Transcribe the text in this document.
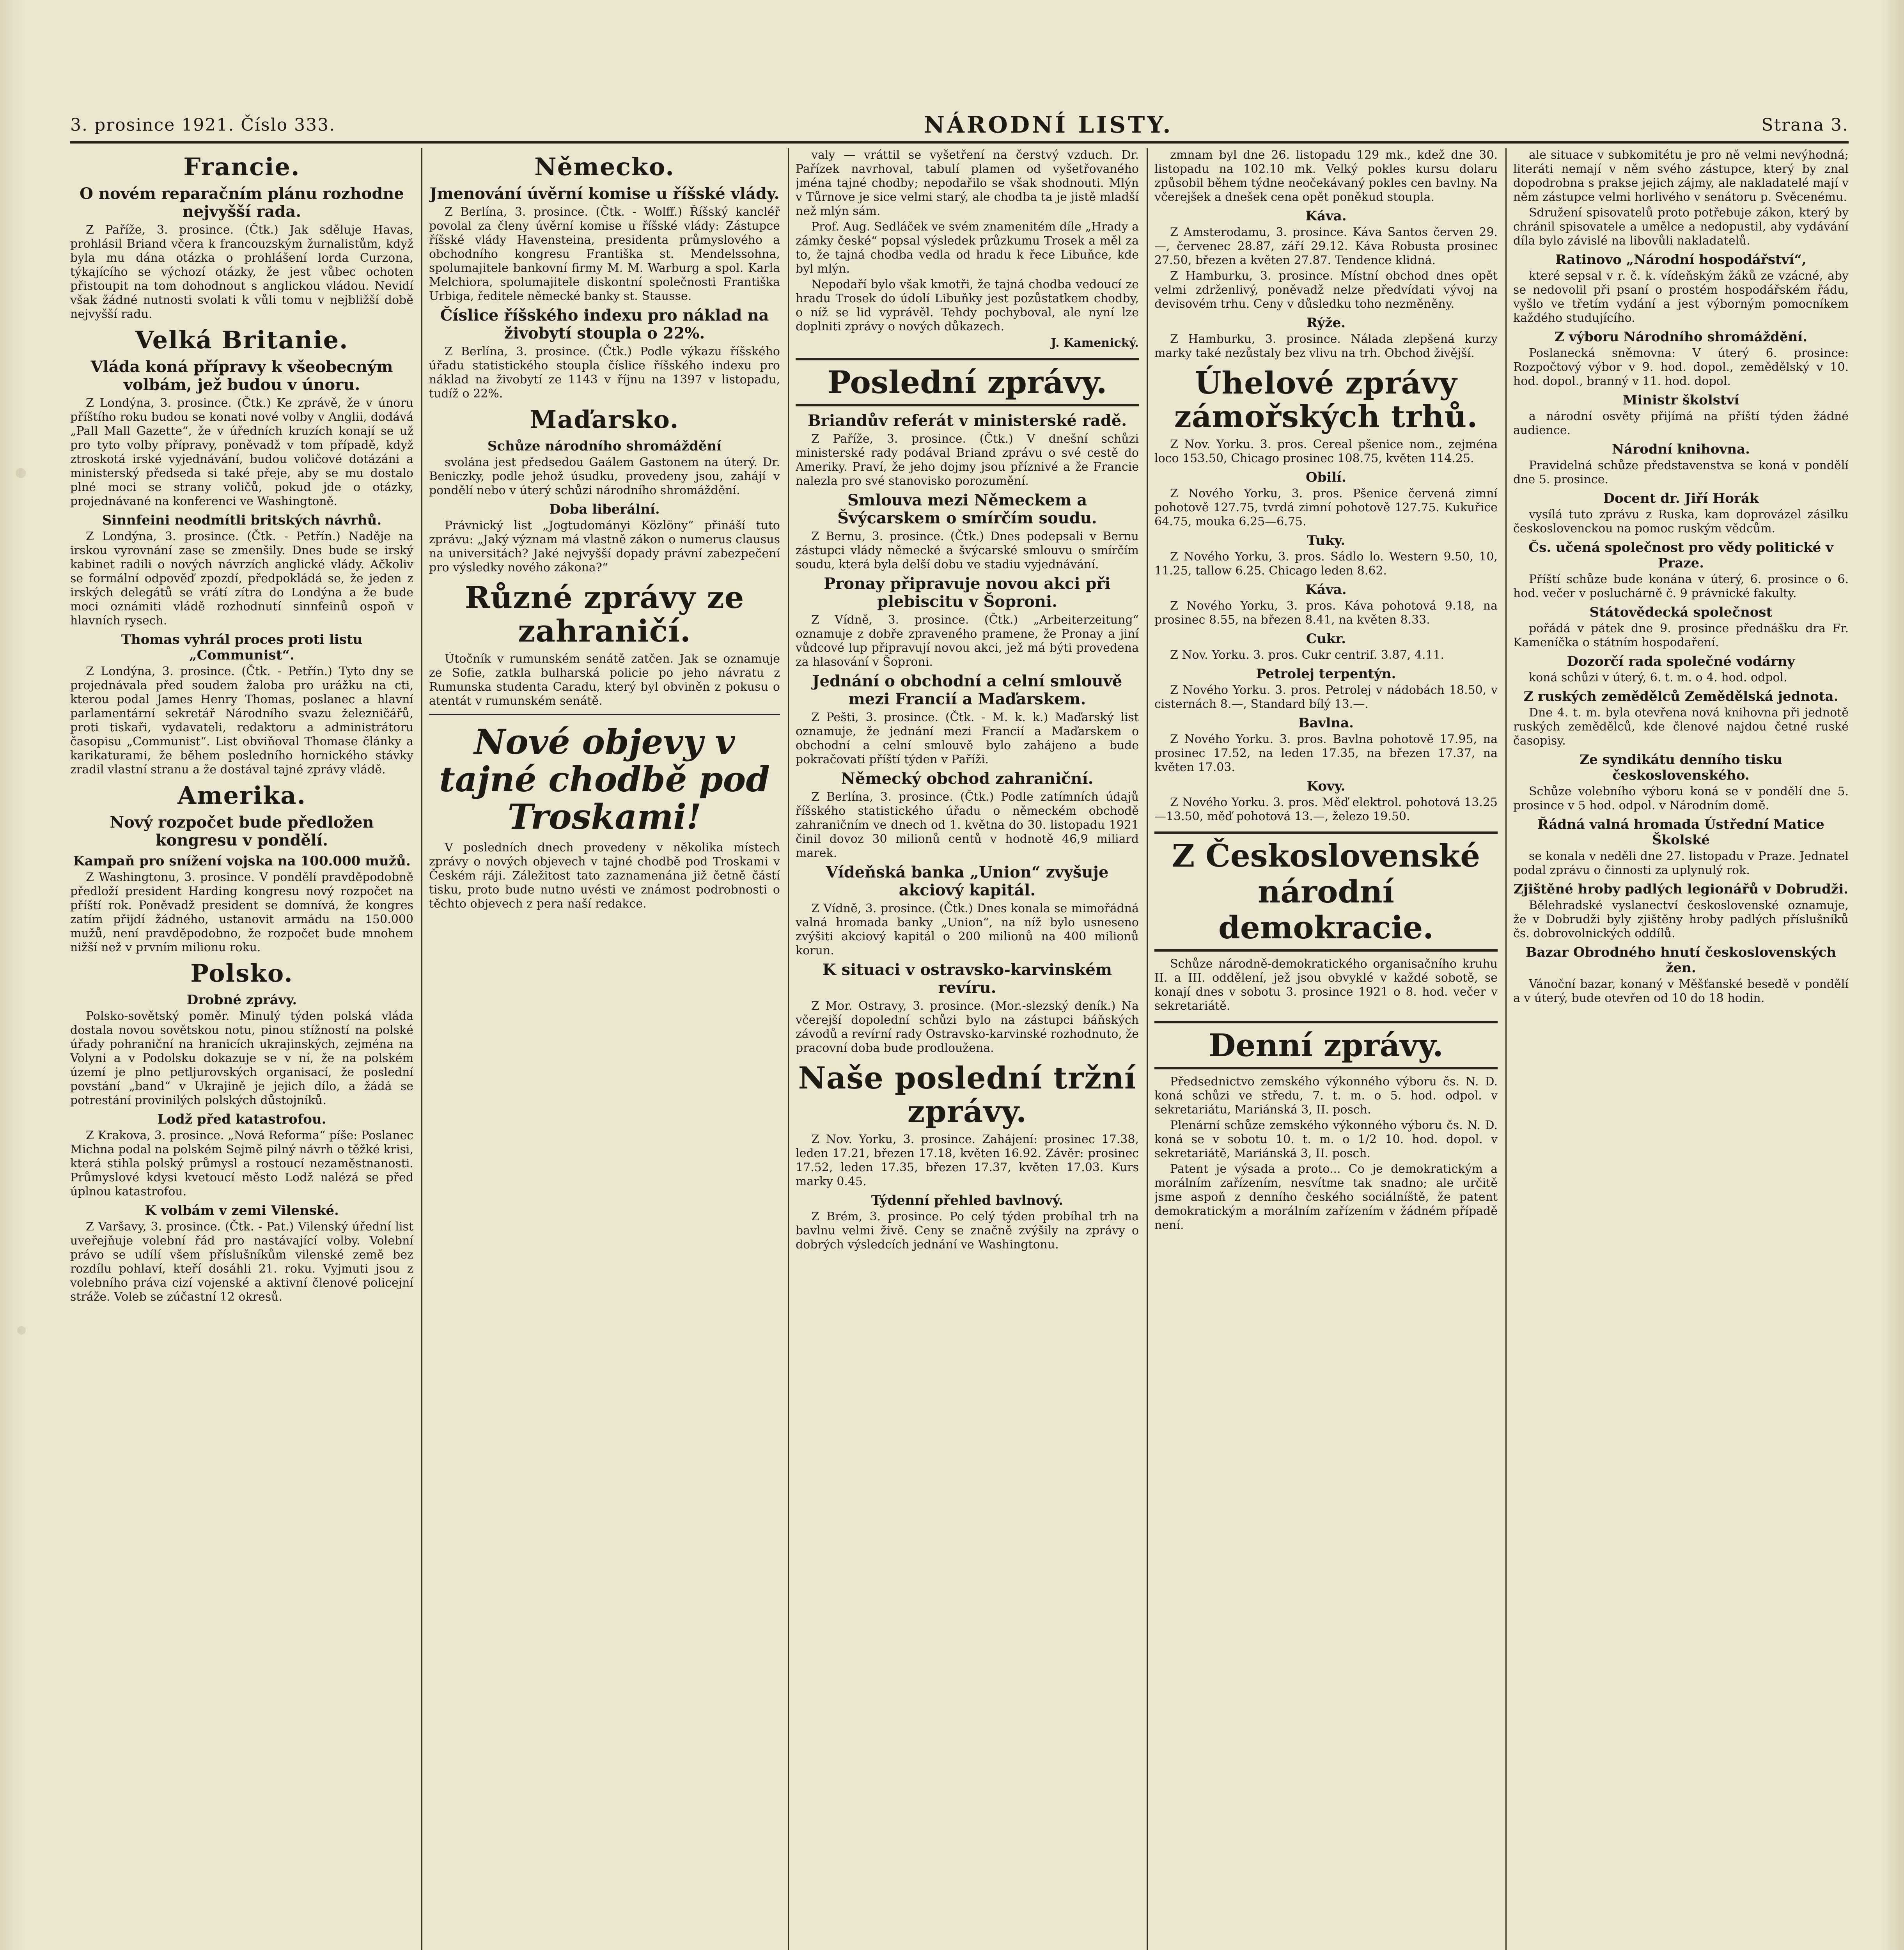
3. prosince 1921. Číslo 333.	NÁRODNÍ LISTY.	Strana 3.
Francie.
O novém reparačním plánu rozhodne nejvyšší rada.

Z Paříže, 3. prosince. (Čtk.) Jak sděluje Havas, prohlásil Briand včera k francouzským žurnalistům, když byla mu dána otázka o prohlášení lorda Curzona, týkajícího se výchozí otázky, že jest vůbec ochoten přistoupit na tom dohodnout s anglickou vládou. Nevidí však žádné nutnosti svolati k vůli tomu v nejbližší době nejvyšší radu.

Velká Britanie.
Vláda koná přípravy k všeobecným volbám, jež budou v únoru.

Z Londýna, 3. prosince. (Čtk.) Ke zprávě, že v únoru příštího roku budou se konati nové volby v Anglii, dodává „Pall Mall Gazette“, že v úředních kruzích konají se už pro tyto volby přípravy, poněvadž v tom případě, když ztroskotá irské vyjednávání, budou voličové dotázáni a ministerský předseda si také přeje, aby se mu dostalo plné moci se strany voličů, pokud jde o otázky, projednávané na konferenci ve Washingtoně.

Sinnfeini neodmítli britských návrhů.

Z Londýna, 3. prosince. (Čtk. - Petřín.) Naděje na irskou vyrovnání zase se zmenšily. Dnes bude se irský kabinet radili o nových návrzích anglické vlády. Ačkoliv se formální odpověď zpozdí, předpokládá se, že jeden z irských delegátů se vrátí zítra do Londýna a že bude moci oznámiti vládě rozhodnutí sinnfeinů ospoň v hlavních rysech.

Thomas vyhrál proces proti listu „Communist“.

Z Londýna, 3. prosince. (Čtk. - Petřín.) Tyto dny se projednávala před soudem žaloba pro urážku na cti, kterou podal James Henry Thomas, poslanec a hlavní parlamentární sekretář Národního svazu železničářů, proti tiskaři, vydavateli, redaktoru a administrátoru časopisu „Communist“. List obviňoval Thomase články a karikaturami, že během posledního hornického stávky zradil vlastní stranu a že dostával tajné zprávy vládě.

Amerika.
Nový rozpočet bude předložen kongresu v pondělí.
Kampaň pro snížení vojska na 100.000 mužů.

Z Washingtonu, 3. prosince. V pondělí pravděpodobně předloží president Harding kongresu nový rozpočet na příští rok. Poněvadž president se domnívá, že kongres zatím přijdí žádného, ustanovit armádu na 150.000 mužů, není pravděpodobno, že rozpočet bude mnohem nižší než v prvním milionu roku.

Polsko.
Drobné zprávy.

Polsko-sovětský poměr. Minulý týden polská vláda dostala novou sovětskou notu, pinou stížností na polské úřady pohraniční na hranicích ukrajinských, zejména na Volyni a v Podolsku dokazuje se v ní, že na polském území je plno petljurovských organisací, že poslední povstání „band“ v Ukrajině je jejich dílo, a žádá se potrestání provinilých polských důstojníků.

Lodž před katastrofou.

Z Krakova, 3. prosince. „Nová Reforma“ píše: Poslanec Michna podal na polském Sejmě pilný návrh o těžké krisi, která stihla polský průmysl a rostoucí nezaměstnanosti. Průmyslové kdysi kvetoucí město Lodž nalézá se před úplnou katastrofou.

K volbám v zemi Vilenské.

Z Varšavy, 3. prosince. (Čtk. - Pat.) Vilenský úřední list uveřejňuje volební řád pro nastávající volby. Volební právo se udílí všem příslušníkům vilenské země bez rozdílu pohlaví, kteří dosáhli 21. roku. Vyjmuti jsou z volebního práva cizí vojenské a aktivní členové policejní stráže. Voleb se zúčastní 12 okresů.

Německo.
Jmenování úvěrní komise u říšské vlády.

Z Berlína, 3. prosince. (Čtk. - Wolff.) Říšský kancléř povolal za členy úvěrní komise u říšské vlády: Zástupce říšské vlády Havensteina, presidenta průmyslového a obchodního kongresu Františka st. Mendelssohna, spolumajitele bankovní firmy M. M. Warburg a spol. Karla Melchiora, spolumajitele diskontní společnosti Františka Urbiga, ředitele německé banky st. Stausse.

Číslice říšského indexu pro náklad na živobytí stoupla o 22%.

Z Berlína, 3. prosince. (Čtk.) Podle výkazu říšského úřadu statistického stoupla číslice říšského indexu pro náklad na živobytí ze 1143 v říjnu na 1397 v listopadu, tudíž o 22%.

Maďarsko.
Schůze národního shromáždění

svolána jest předsedou Gaálem Gastonem na úterý. Dr. Beniczky, podle jehož úsudku, provedeny jsou, zahájí v pondělí nebo v úterý schůzi národního shromáždění.

Doba liberální.

Právnický list „Jogtudományi Közlöny“ přináší tuto zprávu: „Jaký význam má vlastně zákon o numerus clausus na universitách? Jaké nejvyšší dopady právní zabezpečení pro výsledky nového zákona?“

Různé zprávy ze zahraničí.

Útočník v rumunském senátě zatčen. Jak se oznamuje ze Sofie, zatkla bulharská policie po jeho návratu z Rumunska studenta Caradu, který byl obviněn z pokusu o atentát v rumunském senátě.

Nové objevy v tajné chodbě pod Troskami!

V posledních dnech provedeny v několika místech zprávy o nových objevech v tajné chodbě pod Troskami v Českém ráji. Záležitost tato zaznamenána již četně částí tisku, proto bude nutno uvésti ve známost podrobnosti o těchto objevech z pera naší redakce.

valy — vráttil se vyšetření na čerstvý vzduch. Dr. Pařízek navrhoval, tabulí plamen od vyšetřovaného jména tajné chodby; nepodařilo se však shodnouti. Mlýn v Tůrnove je sice velmi starý, ale chodba ta je jistě mladší než mlýn sám.

Prof. Aug. Sedláček ve svém znamenitém díle „Hrady a zámky české“ popsal výsledek průzkumu Trosek a měl za to, že tajná chodba vedla od hradu k řece Libuňce, kde byl mlýn.

Nepodaří bylo však kmotři, že tajná chodba vedoucí ze hradu Trosek do údolí Libuňky jest pozůstatkem chodby, o níž se lid vyprávěl. Tehdy pochyboval, ale nyní lze doplniti zprávy o nových důkazech.

J. Kamenický.
Poslední zprávy.
Briandův referát v ministerské radě.

Z Paříže, 3. prosince. (Čtk.) V dnešní schůzi ministerské rady podával Briand zprávu o své cestě do Ameriky. Praví, že jeho dojmy jsou příznivé a že Francie nalezla pro své stanovisko porozumění.

Smlouva mezi Německem a Švýcarskem o smírčím soudu.

Z Bernu, 3. prosince. (Čtk.) Dnes podepsali v Bernu zástupci vlády německé a švýcarské smlouvu o smírčím soudu, která byla delší dobu ve stadiu vyjednávání.

Pronay připravuje novou akci při plebiscitu v Šoproni.

Z Vídně, 3. prosince. (Čtk.) „Arbeiterzeitung“ oznamuje z dobře zpraveného pramene, že Pronay a jiní vůdcové lup připravují novou akci, jež má býti provedena za hlasování v Šoproni.

Jednání o obchodní a celní smlouvě mezi Francií a Maďarskem.

Z Pešti, 3. prosince. (Čtk. - M. k. k.) Maďarský list oznamuje, že jednání mezi Francií a Maďarskem o obchodní a celní smlouvě bylo zahájeno a bude pokračovati příští týden v Paříži.

Německý obchod zahraniční.

Z Berlína, 3. prosince. (Čtk.) Podle zatímních údajů říšského statistického úřadu o německém obchodě zahraničním ve dnech od 1. května do 30. listopadu 1921 činil dovoz 30 milionů centů v hodnotě 46,9 miliard marek.

Vídeňská banka „Union“ zvyšuje akciový kapitál.

Z Vídně, 3. prosince. (Čtk.) Dnes konala se mimořádná valná hromada banky „Union“, na níž bylo usneseno zvýšiti akciový kapitál o 200 milionů na 400 milionů korun.

K situaci v ostravsko-karvinském revíru.

Z Mor. Ostravy, 3. prosince. (Mor.-slezský deník.) Na včerejší dopolední schůzi bylo na zástupci báňských závodů a revírní rady Ostravsko-karvinské rozhodnuto, že pracovní doba bude prodloužena.

Naše poslední tržní zprávy.

Z Nov. Yorku, 3. prosince. Zahájení: prosinec 17.38, leden 17.21, březen 17.18, květen 16.92. Závěr: prosinec 17.52, leden 17.35, březen 17.37, květen 17.03. Kurs marky 0.45.

Týdenní přehled bavlnový.

Z Brém, 3. prosince. Po celý týden probíhal trh na bavlnu velmi živě. Ceny se značně zvýšily na zprávy o dobrých výsledcích jednání ve Washingtonu.

zmnam byl dne 26. listopadu 129 mk., kdež dne 30. listopadu na 102.10 mk. Velký pokles kursu dolaru způsobil během týdne neočekávaný pokles cen bavlny. Na včerejšek a dnešek cena opět poněkud stoupla.

Káva.

Z Amsterodamu, 3. prosince. Káva Santos červen 29.—, červenec 28.87, září 29.12. Káva Robusta prosinec 27.50, březen a květen 27.87. Tendence klidná.

Z Hamburku, 3. prosince. Místní obchod dnes opět velmi zdrženlivý, poněvadž nelze předvídati vývoj na devisovém trhu. Ceny v důsledku toho nezměněny.

Rýže.

Z Hamburku, 3. prosince. Nálada zlepšená kurzy marky také nezůstaly bez vlivu na trh. Obchod živější.

Úhelové zprávy zámořských trhů.

Z Nov. Yorku. 3. pros. Cereal pšenice nom., zejména loco 153.50, Chicago prosinec 108.75, květen 114.25.

Obilí.

Z Nového Yorku, 3. pros. Pšenice červená zimní pohotově 127.75, tvrdá zimní pohotově 127.75. Kukuřice 64.75, mouka 6.25—6.75.

Tuky.

Z Nového Yorku, 3. pros. Sádlo lo. Western 9.50, 10, 11.25, tallow 6.25. Chicago leden 8.62.

Káva.

Z Nového Yorku, 3. pros. Káva pohotová 9.18, na prosinec 8.55, na březen 8.41, na květen 8.33.

Cukr.

Z Nov. Yorku. 3. pros. Cukr centrif. 3.87, 4.11.

Petrolej terpentýn.

Z Nového Yorku. 3. pros. Petrolej v nádobách 18.50, v cisternách 8.—, Standard bílý 13.—.

Bavlna.

Z Nového Yorku. 3. pros. Bavlna pohotově 17.95, na prosinec 17.52, na leden 17.35, na březen 17.37, na květen 17.03.

Kovy.

Z Nového Yorku. 3. pros. Měď elektrol. pohotová 13.25—13.50, měď pohotová 13.—, železo 19.50.

Z Československé národní demokracie.

Schůze národně-demokratického organisačního kruhu II. a III. oddělení, jež jsou obvyklé v každé sobotě, se konají dnes v sobotu 3. prosince 1921 o 8. hod. večer v sekretariátě.

Denní zprávy.

Předsednictvo zemského výkonného výboru čs. N. D. koná schůzi ve středu, 7. t. m. o 5. hod. odpol. v sekretariátu, Mariánská 3, II. posch.

Plenární schůze zemského výkonného výboru čs. N. D. koná se v sobotu 10. t. m. o 1/2 10. hod. dopol. v sekretariátě, Mariánská 3, II. posch.

Patent je výsada a proto... Co je demokratickým a morálním zařízením, nesvítme tak snadno; ale určitě jsme aspoň z denního českého sociálníště, že patent demokratickým a morálním zařízením v žádném případě není.

ale situace v subkomitétu je pro ně velmi nevýhodná; literáti nemají v něm svého zástupce, který by znal dopodrobna s prakse jejich zájmy, ale nakladatelé mají v něm zástupce velmi horlivého v senátoru p. Svěcenému.

Sdružení spisovatelů proto potřebuje zákon, který by chránil spisovatele a umělce a nedopustil, aby vydávání díla bylo závislé na libovůli nakladatelů.

Ratinovo „Národní hospodářství“,

které sepsal v r. č. k. vídeňským žáků ze vzácné, aby se nedovolil při psaní o prostém hospodářském řádu, vyšlo ve třetím vydání a jest výborným pomocníkem každého studujícího.

Z výboru Národního shromáždění.

Poslanecká sněmovna: V úterý 6. prosince: Rozpočtový výbor v 9. hod. dopol., zemědělský v 10. hod. dopol., branný v 11. hod. dopol.

Ministr školství

a národní osvěty přijímá na příští týden žádné audience.

Národní knihovna.

Pravidelná schůze představenstva se koná v pondělí dne 5. prosince.

Docent dr. Jiří Horák

vysílá tuto zprávu z Ruska, kam doprovázel zásilku českoslovenckou na pomoc ruským vědcům.

Čs. učená společnost pro vědy politické v Praze.

Příští schůze bude konána v úterý, 6. prosince o 6. hod. večer v posluchárně č. 9 právnické fakulty.

Státovědecká společnost

pořádá v pátek dne 9. prosince přednášku dra Fr. Kameníčka o státním hospodaření.

Dozorčí rada společné vodárny

koná schůzi v úterý, 6. t. m. o 4. hod. odpol.

Z ruských zemědělců Zemědělská jednota.

Dne 4. t. m. byla otevřena nová knihovna při jednotě ruských zemědělců, kde členové najdou četné ruské časopisy.

Ze syndikátu denního tisku československého.

Schůze volebního výboru koná se v pondělí dne 5. prosince v 5 hod. odpol. v Národním domě.

Řádná valná hromada Ústřední Matice Školské

se konala v neděli dne 27. listopadu v Praze. Jednatel podal zprávu o činnosti za uplynulý rok.

Zjištěné hroby padlých legionářů v Dobrudži.

Bělehradské vyslanectví československé oznamuje, že v Dobrudži byly zjištěny hroby padlých příslušníků čs. dobrovolnických oddílů.

Bazar Obrodného hnutí československých žen.

Vánoční bazar, konaný v Měšťanské besedě v pondělí a v úterý, bude otevřen od 10 do 18 hodin.
